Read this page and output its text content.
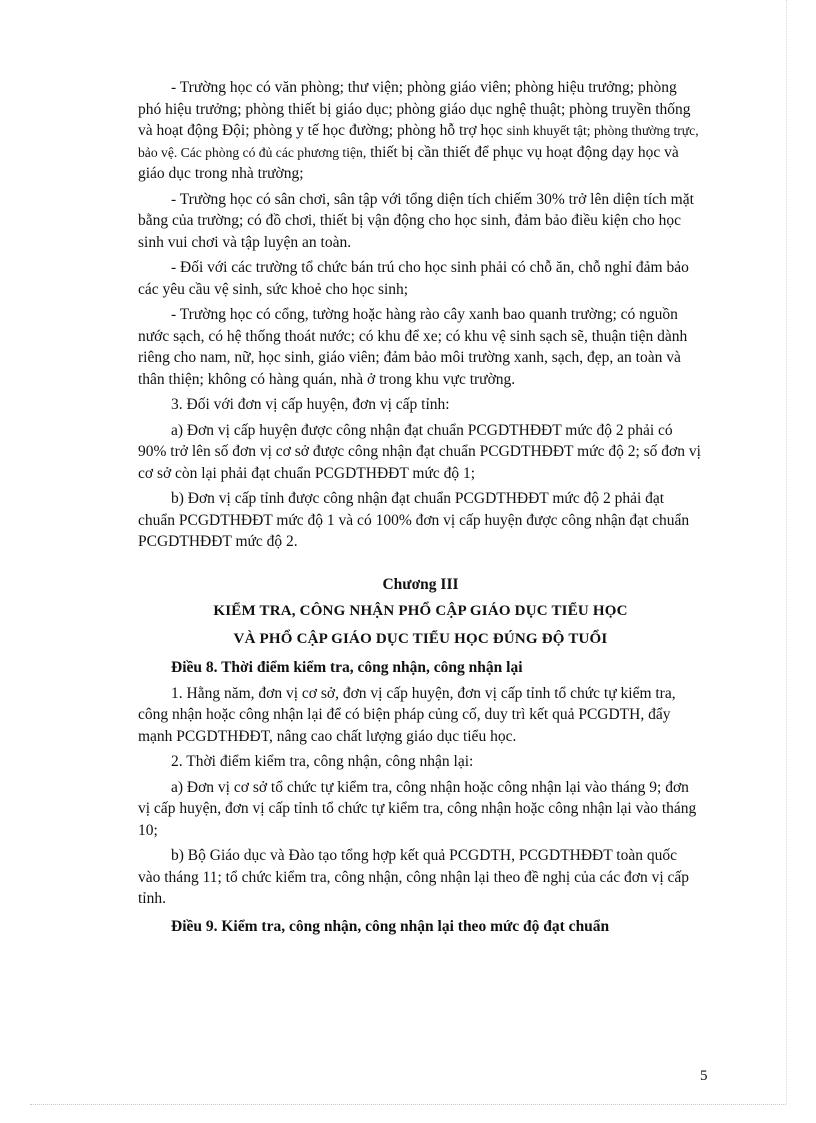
- Trường học có văn phòng; thư viện; phòng giáo viên; phòng hiệu trưởng; phòng phó hiệu trưởng; phòng thiết bị giáo dục; phòng giáo dục nghệ thuật; phòng truyền thống và hoạt động Đội; phòng y tế học đường; phòng hỗ trợ học sinh khuyết tật; phòng thường trực, bảo vệ. Các phòng có đủ các phương tiện, thiết bị cần thiết để phục vụ hoạt động dạy học và giáo dục trong nhà trường;

- Trường học có sân chơi, sân tập với tổng diện tích chiếm 30% trở lên diện tích mặt bằng của trường; có đồ chơi, thiết bị vận động cho học sinh, đảm bảo điều kiện cho học sinh vui chơi và tập luyện an toàn.

- Đối với các trường tổ chức bán trú cho học sinh phải có chỗ ăn, chỗ nghỉ đảm bảo các yêu cầu vệ sinh, sức khoẻ cho học sinh;

- Trường học có cổng, tường hoặc hàng rào cây xanh bao quanh trường; có nguồn nước sạch, có hệ thống thoát nước; có khu để xe; có khu vệ sinh sạch sẽ, thuận tiện dành riêng cho nam, nữ, học sinh, giáo viên; đảm bảo môi trường xanh, sạch, đẹp, an toàn và thân thiện; không có hàng quán, nhà ở trong khu vực trường.

3. Đối với đơn vị cấp huyện, đơn vị cấp tỉnh:

a) Đơn vị cấp huyện được công nhận đạt chuẩn PCGDTHĐĐT mức độ 2 phải có 90% trở lên số đơn vị cơ sở được công nhận đạt chuẩn PCGDTHĐĐT mức độ 2; số đơn vị cơ sở còn lại phải đạt chuẩn PCGDTHĐĐT mức độ 1;

b) Đơn vị cấp tỉnh được công nhận đạt chuẩn PCGDTHĐĐT mức độ 2 phải đạt chuẩn PCGDTHĐĐT mức độ 1 và có 100% đơn vị cấp huyện được công nhận đạt chuẩn PCGDTHĐĐT mức độ 2.

Chương III

KIỂM TRA, CÔNG NHẬN PHỔ CẬP GIÁO DỤC TIỂU HỌC

VÀ PHỔ CẬP GIÁO DỤC TIỂU HỌC ĐÚNG ĐỘ TUỔI

Điều 8. Thời điểm kiểm tra, công nhận, công nhận lại

1. Hằng năm, đơn vị cơ sở, đơn vị cấp huyện, đơn vị cấp tỉnh tổ chức tự kiểm tra, công nhận hoặc công nhận lại để có biện pháp củng cố, duy trì kết quả PCGDTH, đẩy mạnh PCGDTHĐĐT, nâng cao chất lượng giáo dục tiểu học.

2. Thời điểm kiểm tra, công nhận, công nhận lại:

a) Đơn vị cơ sở tổ chức tự kiểm tra, công nhận hoặc công nhận lại vào tháng 9; đơn vị cấp huyện, đơn vị cấp tỉnh tổ chức tự kiểm tra, công nhận hoặc công nhận lại vào tháng 10;

b) Bộ Giáo dục và Đào tạo tổng hợp kết quả PCGDTH, PCGDTHĐĐT toàn quốc vào tháng 11; tổ chức kiểm tra, công nhận, công nhận lại theo đề nghị của các đơn vị cấp tỉnh.

Điều 9. Kiểm tra, công nhận, công nhận lại theo mức độ đạt chuẩn

5
